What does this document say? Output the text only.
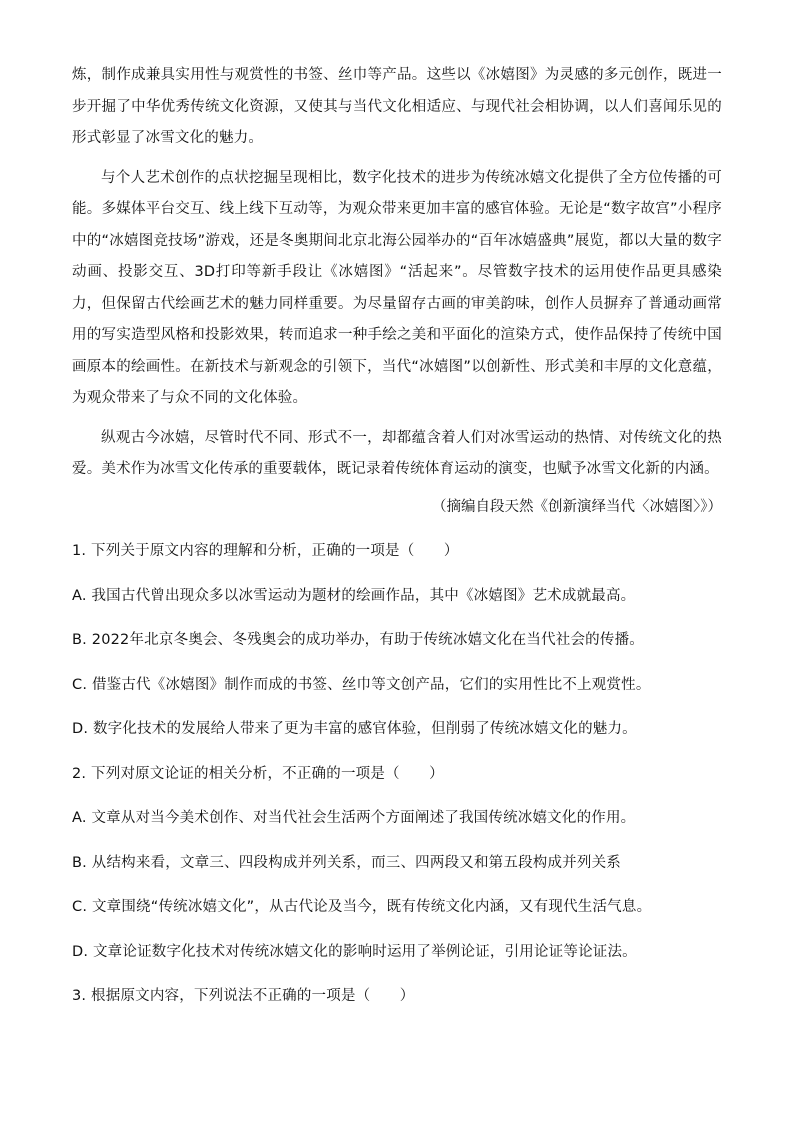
炼，制作成兼具实用性与观赏性的书签、丝巾等产品。这些以《冰嬉图》为灵感的多元创作，既进一步开掘了中华优秀传统文化资源，又使其与当代文化相适应、与现代社会相协调，以人们喜闻乐见的形式彰显了冰雪文化的魅力。

与个人艺术创作的点状挖掘呈现相比，数字化技术的进步为传统冰嬉文化提供了全方位传播的可能。多媒体平台交互、线上线下互动等，为观众带来更加丰富的感官体验。无论是“数字故宫”小程序中的“冰嬉图竞技场”游戏，还是冬奥期间北京北海公园举办的“百年冰嬉盛典”展览，都以大量的数字动画、投影交互、3D打印等新手段让《冰嬉图》“活起来”。尽管数字技术的运用使作品更具感染力，但保留古代绘画艺术的魅力同样重要。为尽量留存古画的审美韵味，创作人员摒弃了普通动画常用的写实造型风格和投影效果，转而追求一种手绘之美和平面化的渲染方式，使作品保持了传统中国画原本的绘画性。在新技术与新观念的引领下，当代“冰嬉图”以创新性、形式美和丰厚的文化意蕴，为观众带来了与众不同的文化体验。

纵观古今冰嬉，尽管时代不同、形式不一，却都蕴含着人们对冰雪运动的热情、对传统文化的热爱。美术作为冰雪文化传承的重要载体，既记录着传统体育运动的演变，也赋予冰雪文化新的内涵。

（摘编自段天然《创新演绎当代〈冰嬉图〉》）

1. 下列关于原文内容的理解和分析，正确的一项是（　　）

A. 我国古代曾出现众多以冰雪运动为题材的绘画作品，其中《冰嬉图》艺术成就最高。

B. 2022年北京冬奥会、冬残奥会的成功举办，有助于传统冰嬉文化在当代社会的传播。

C. 借鉴古代《冰嬉图》制作而成的书签、丝巾等文创产品，它们的实用性比不上观赏性。

D. 数字化技术的发展给人带来了更为丰富的感官体验，但削弱了传统冰嬉文化的魅力。

2. 下列对原文论证的相关分析，不正确的一项是（　　）

A. 文章从对当今美术创作、对当代社会生活两个方面阐述了我国传统冰嬉文化的作用。

B. 从结构来看，文章三、四段构成并列关系，而三、四两段又和第五段构成并列关系

C. 文章围绕“传统冰嬉文化”，从古代论及当今，既有传统文化内涵，又有现代生活气息。

D. 文章论证数字化技术对传统冰嬉文化的影响时运用了举例论证，引用论证等论证法。

3. 根据原文内容，下列说法不正确的一项是（　　）
